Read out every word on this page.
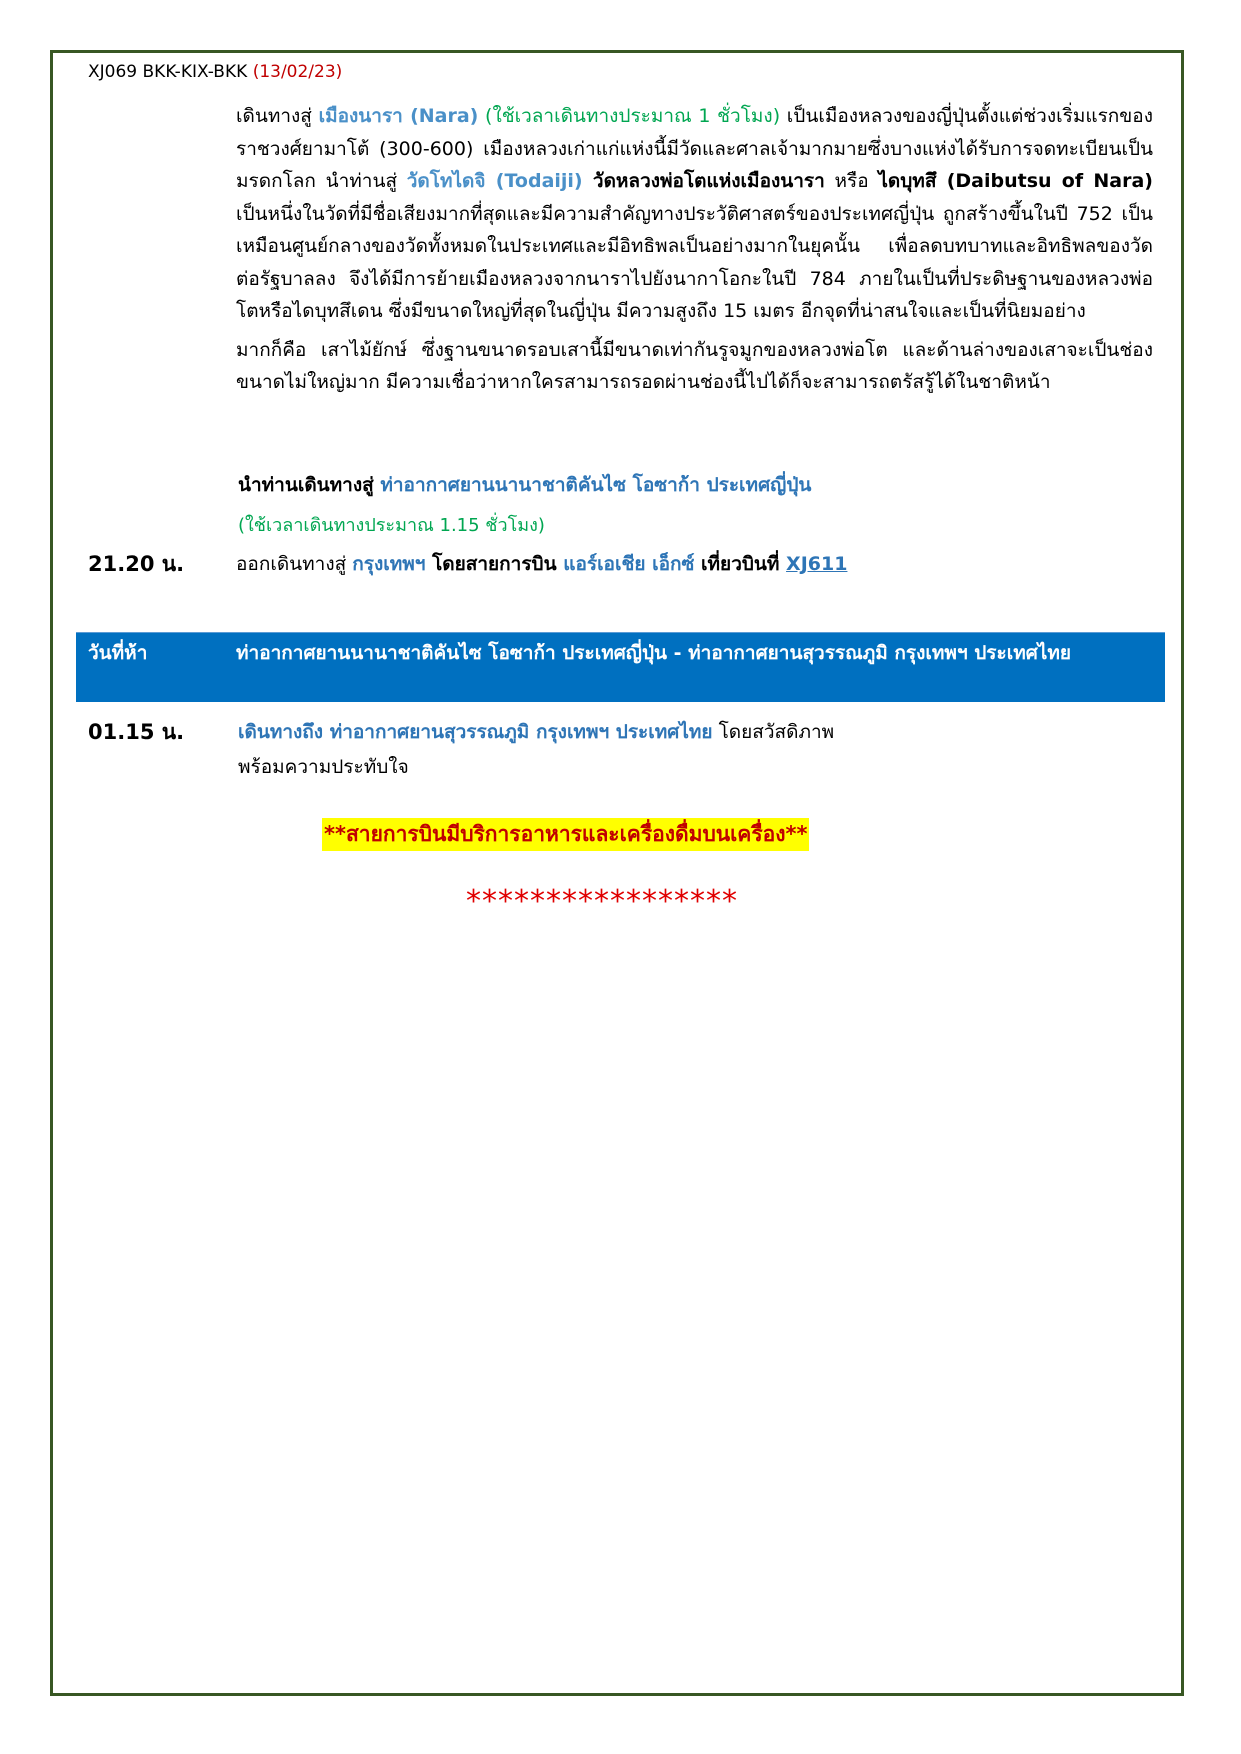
XJ069 BKK-KIX-BKK (13/02/23)

เดินทางสู่ เมืองนารา (Nara) (ใช้เวลาเดินทางประมาณ 1 ชั่วโมง) เป็นเมืองหลวงของญี่ปุ่นตั้งแต่ช่วงเริ่มแรกของราชวงศ์ยามาโต้ (300-600) เมืองหลวงเก่าแก่แห่งนี้มีวัดและศาลเจ้ามากมายซึ่งบางแห่งได้รับการจดทะเบียนเป็นมรดกโลก นำท่านสู่ วัดโทไดจิ (Todaiji) วัดหลวงพ่อโตแห่งเมืองนารา หรือ ไดบุทสึ (Daibutsu of Nara) เป็นหนึ่งในวัดที่มีชื่อเสียงมากที่สุดและมีความสำคัญทางประวัติศาสตร์ของประเทศญี่ปุ่น ถูกสร้างขึ้นในปี 752 เป็นเหมือนศูนย์กลางของวัดทั้งหมดในประเทศและมีอิทธิพลเป็นอย่างมากในยุคนั้น เพื่อลดบทบาทและอิทธิพลของวัดต่อรัฐบาลลง จึงได้มีการย้ายเมืองหลวงจากนาราไปยังนากาโอกะในปี 784 ภายในเป็นที่ประดิษฐานของหลวงพ่อโตหรือไดบุทสึเดน ซึ่งมีขนาดใหญ่ที่สุดในญี่ปุ่น มีความสูงถึง 15 เมตร อีกจุดที่น่าสนใจและเป็นที่นิยมอย่าง

มากก็คือ เสาไม้ยักษ์ ซึ่งฐานขนาดรอบเสานี้มีขนาดเท่ากันรูจมูกของหลวงพ่อโต และด้านล่างของเสาจะเป็นช่องขนาดไม่ใหญ่มาก มีความเชื่อว่าหากใครสามารถรอดผ่านช่องนี้ไปได้ก็จะสามารถตรัสรู้ได้ในชาติหน้า

นำท่านเดินทางสู่ ท่าอากาศยานนานาชาติคันไซ โอซาก้า ประเทศญี่ปุ่น
(ใช้เวลาเดินทางประมาณ 1.15 ชั่วโมง)
21.20 น.	ออกเดินทางสู่ กรุงเทพฯ โดยสายการบิน แอร์เอเชีย เอ็กซ์ เที่ยวบินที่ XJ611
วันที่ห้า	ท่าอากาศยานนานาชาติคันไซ โอซาก้า ประเทศญี่ปุ่น - ท่าอากาศยานสุวรรณภูมิ กรุงเทพฯ ประเทศไทย
01.15 น.	เดินทางถึง ท่าอากาศยานสุวรรณภูมิ กรุงเทพฯ ประเทศไทย โดยสวัสดิภาพ
พร้อมความประทับใจ
**สายการบินมีบริการอาหารและเครื่องดื่มบนเครื่อง**
*****************
